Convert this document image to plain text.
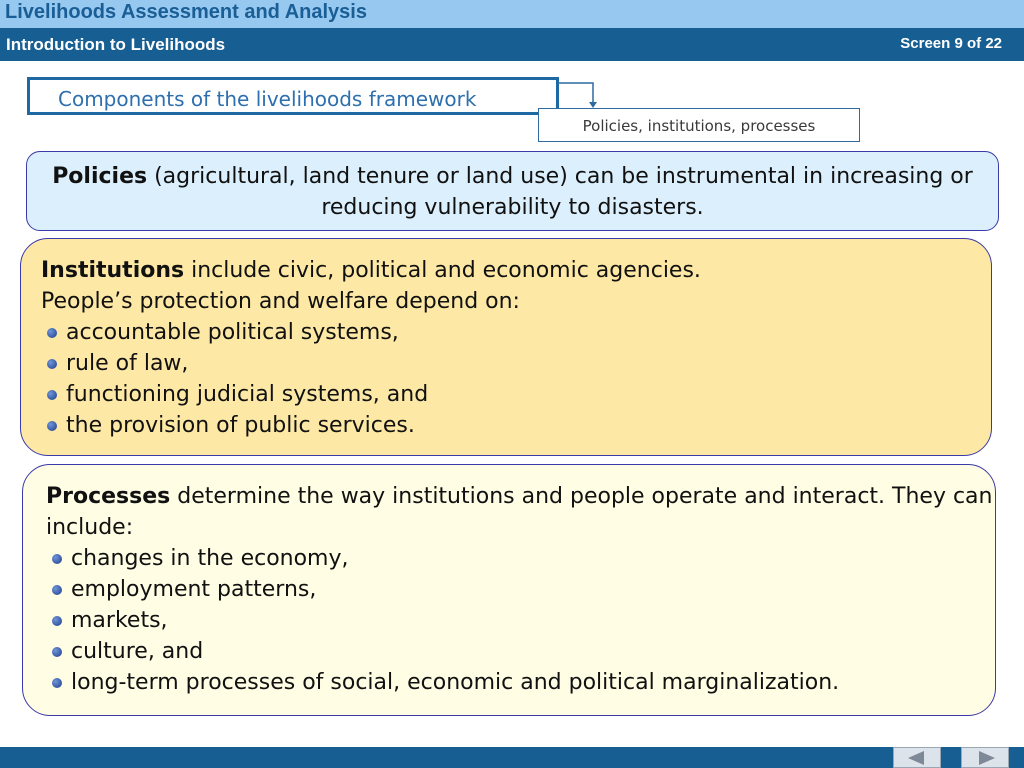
Livelihoods Assessment and Analysis
Introduction to Livelihoods	Screen 9 of 22
Components of the livelihoods framework
Policies, institutions, processes
Policies (agricultural, land tenure or land use) can be instrumental in increasing or reducing vulnerability to disasters.
Institutions include civic, political and economic agencies.
People’s protection and welfare depend on:
accountable political systems,
rule of law,
functioning judicial systems, and
the provision of public services.
Processes determine the way institutions and people operate and interact. They can include:
changes in the economy,
employment patterns,
markets,
culture, and
long-term processes of social, economic and political marginalization.
